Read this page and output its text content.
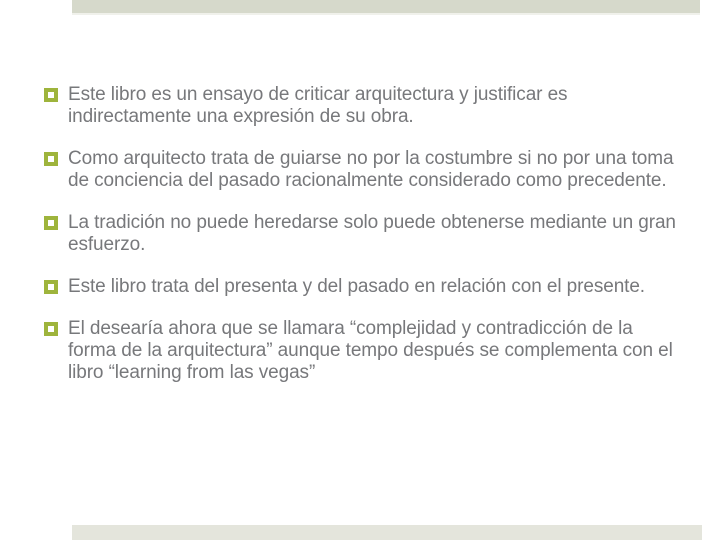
Este libro es un ensayo de criticar arquitectura y justificar es indirectamente una expresión de su obra.
Como arquitecto trata de guiarse no por la costumbre si no por una toma de conciencia del pasado racionalmente considerado como precedente.
La tradición no puede heredarse solo puede obtenerse mediante un gran esfuerzo.
Este libro trata del presenta y del pasado en relación con el presente.
El desearía ahora que se llamara “complejidad y contradicción de la forma de la arquitectura” aunque tempo después se complementa con el libro “learning from las vegas”
